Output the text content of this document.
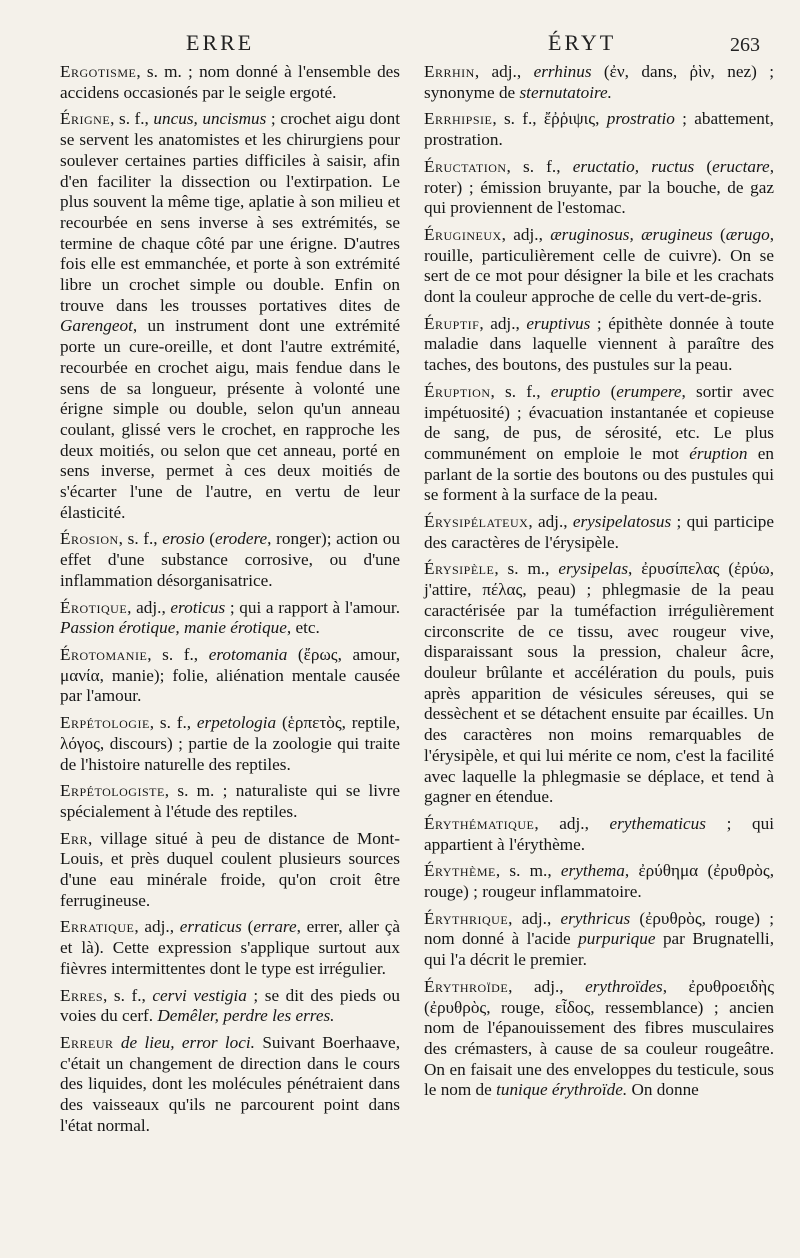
ERRE	ÉRYT	263

Ergotisme, s. m. ; nom donné à l'ensemble des accidens occasionés par le seigle ergoté.

Érigne, s. f., uncus, uncismus ; crochet aigu dont se servent les anatomistes et les chirurgiens pour soulever certaines parties difficiles à saisir, afin d'en faciliter la dissection ou l'extirpation. Le plus souvent la même tige, aplatie à son milieu et recourbée en sens inverse à ses extrémités, se termine de chaque côté par une érigne. D'autres fois elle est emmanchée, et porte à son extrémité libre un crochet simple ou double. Enfin on trouve dans les trousses portatives dites de Garengeot, un instrument dont une extrémité porte un cure-oreille, et dont l'autre extrémité, recourbée en crochet aigu, mais fendue dans le sens de sa longueur, présente à volonté une érigne simple ou double, selon qu'un anneau coulant, glissé vers le crochet, en rapproche les deux moitiés, ou selon que cet anneau, porté en sens inverse, permet à ces deux moitiés de s'écarter l'une de l'autre, en vertu de leur élasticité.

Érosion, s. f., erosio (erodere, ronger); action ou effet d'une substance corrosive, ou d'une inflammation désorganisatrice.

Érotique, adj., eroticus ; qui a rapport à l'amour. Passion érotique, manie érotique, etc.

Érotomanie, s. f., erotomania (ἔρως, amour, μανία, manie); folie, aliénation mentale causée par l'amour.

Erpétologie, s. f., erpetologia (ἑρπετὸς, reptile, λόγος, discours) ; partie de la zoologie qui traite de l'histoire naturelle des reptiles.

Erpétologiste, s. m. ; naturaliste qui se livre spécialement à l'étude des reptiles.

Err, village situé à peu de distance de Mont-Louis, et près duquel coulent plusieurs sources d'une eau minérale froide, qu'on croit être ferrugineuse.

Erratique, adj., erraticus (errare, errer, aller çà et là). Cette expression s'applique surtout aux fièvres intermittentes dont le type est irrégulier.

Erres, s. f., cervi vestigia ; se dit des pieds ou voies du cerf. Demêler, perdre les erres.

Erreur de lieu, error loci. Suivant Boerhaave, c'était un changement de direction dans le cours des liquides, dont les molécules pénétraient dans des vaisseaux qu'ils ne parcourent point dans l'état normal.

Errhin, adj., errhinus (ἐν, dans, ῥὶν, nez) ; synonyme de sternutatoire.

Errhipsie, s. f., ἔῤῥιψις, prostratio ; abattement, prostration.

Éructation, s. f., eructatio, ructus (eructare, roter) ; émission bruyante, par la bouche, de gaz qui proviennent de l'estomac.

Érugineux, adj., æruginosus, ærugineus (ærugo, rouille, particulièrement celle de cuivre). On se sert de ce mot pour désigner la bile et les crachats dont la couleur approche de celle du vert-de-gris.

Éruptif, adj., eruptivus ; épithète donnée à toute maladie dans laquelle viennent à paraître des taches, des boutons, des pustules sur la peau.

Éruption, s. f., eruptio (erumpere, sortir avec impétuosité) ; évacuation instantanée et copieuse de sang, de pus, de sérosité, etc. Le plus communément on emploie le mot éruption en parlant de la sortie des boutons ou des pustules qui se forment à la surface de la peau.

Érysipélateux, adj., erysipelatosus ; qui participe des caractères de l'érysipèle.

Érysipèle, s. m., erysipelas, ἐρυσίπελας (ἐρύω, j'attire, πέλας, peau) ; phlegmasie de la peau caractérisée par la tuméfaction irrégulièrement circonscrite de ce tissu, avec rougeur vive, disparaissant sous la pression, chaleur âcre, douleur brûlante et accélération du pouls, puis après apparition de vésicules séreuses, qui se dessèchent et se détachent ensuite par écailles. Un des caractères non moins remarquables de l'érysipèle, et qui lui mérite ce nom, c'est la facilité avec laquelle la phlegmasie se déplace, et tend à gagner en étendue.

Érythématique, adj., erythematicus ; qui appartient à l'érythème.

Érythème, s. m., erythema, ἐρύθημα (ἐρυθρὸς, rouge) ; rougeur inflammatoire.

Érythrique, adj., erythricus (ἐρυθρὸς, rouge) ; nom donné à l'acide purpurique par Brugnatelli, qui l'a décrit le premier.

Érythroïde, adj., erythroïdes, ἐρυθροειδὴς (ἐρυθρὸς, rouge, εἶδος, ressemblance) ; ancien nom de l'épanouissement des fibres musculaires des crémasters, à cause de sa couleur rougeâtre. On en faisait une des enveloppes du testicule, sous le nom de tunique érythroïde. On donne
